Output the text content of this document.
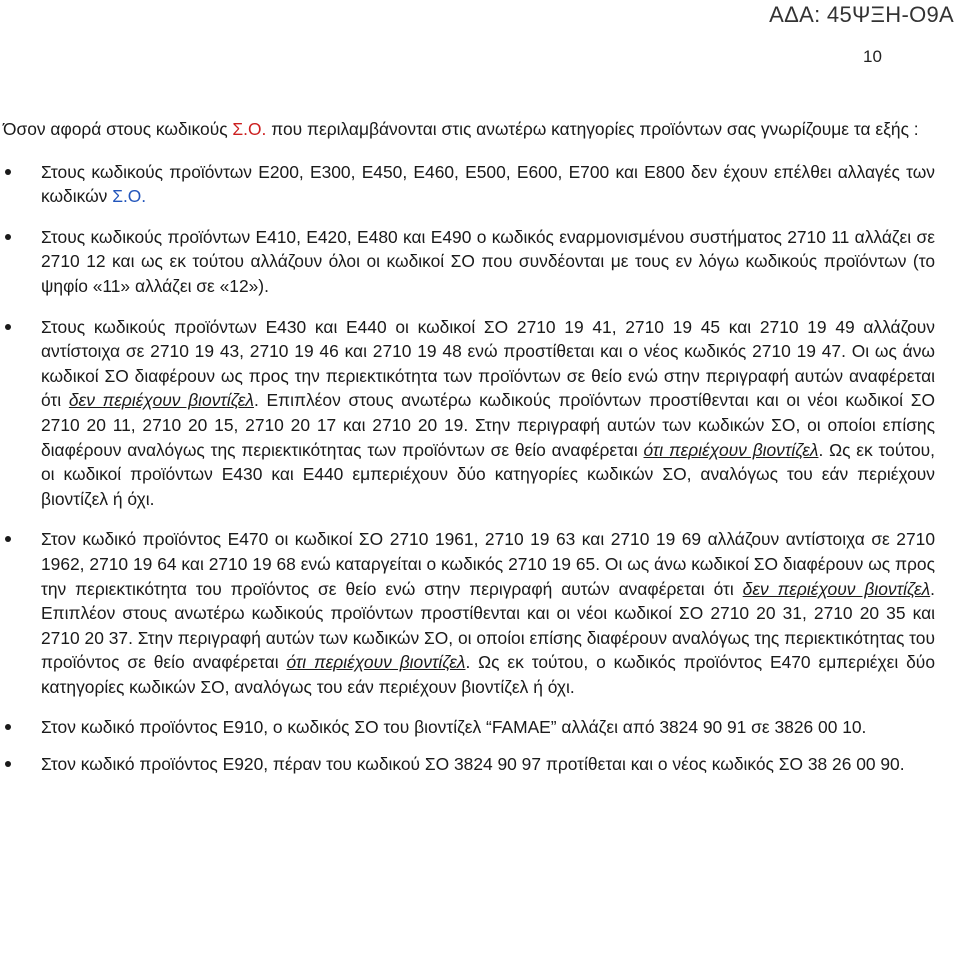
ΑΔΑ: 45ΨΞΗ-Ο9Α
10

Όσον αφορά στους κωδικούς Σ.Ο. που περιλαμβάνονται στις ανωτέρω κατηγορίες προϊόντων σας γνωρίζουμε τα εξής :

Στους κωδικούς προϊόντων Ε200, Ε300, Ε450, Ε460, Ε500, Ε600, Ε700 και Ε800 δεν έχουν επέλθει αλλαγές των κωδικών Σ.Ο.
Στους κωδικούς προϊόντων Ε410, Ε420, Ε480 και Ε490 ο κωδικός εναρμονισμένου συστήματος 2710 11 αλλάζει σε 2710 12 και ως εκ τούτου αλλάζουν όλοι οι κωδικοί ΣΟ που συνδέονται με τους εν λόγω κωδικούς προϊόντων (το ψηφίο «11» αλλάζει σε «12»).
Στους κωδικούς προϊόντων Ε430 και Ε440 οι κωδικοί ΣΟ 2710 19 41, 2710 19 45 και 2710 19 49 αλλάζουν αντίστοιχα σε 2710 19 43, 2710 19 46 και 2710 19 48 ενώ προστίθεται και ο νέος κωδικός 2710 19 47. Οι ως άνω κωδικοί ΣΟ διαφέρουν ως προς την περιεκτικότητα των προϊόντων σε θείο ενώ στην περιγραφή αυτών αναφέρεται ότι δεν περιέχουν βιοντίζελ. Επιπλέον στους ανωτέρω κωδικούς προϊόντων προστίθενται και οι νέοι κωδικοί ΣΟ 2710 20 11, 2710 20 15, 2710 20 17 και 2710 20 19. Στην περιγραφή αυτών των κωδικών ΣΟ, οι οποίοι επίσης διαφέρουν αναλόγως της περιεκτικότητας των προϊόντων σε θείο αναφέρεται ότι περιέχουν βιοντίζελ. Ως εκ τούτου, οι κωδικοί προϊόντων Ε430 και Ε440 εμπεριέχουν δύο κατηγορίες κωδικών ΣΟ, αναλόγως του εάν περιέχουν βιοντίζελ ή όχι.
Στον κωδικό προϊόντος Ε470 οι κωδικοί ΣΟ 2710 1961, 2710 19 63 και 2710 19 69 αλλάζουν αντίστοιχα σε 2710 1962, 2710 19 64 και 2710 19 68 ενώ καταργείται ο κωδικός 2710 19 65. Οι ως άνω κωδικοί ΣΟ διαφέρουν ως προς την περιεκτικότητα του προϊόντος σε θείο ενώ στην περιγραφή αυτών αναφέρεται ότι δεν περιέχουν βιοντίζελ. Επιπλέον στους ανωτέρω κωδικούς προϊόντων προστίθενται και οι νέοι κωδικοί ΣΟ 2710 20 31, 2710 20 35 και 2710 20 37. Στην περιγραφή αυτών των κωδικών ΣΟ, οι οποίοι επίσης διαφέρουν αναλόγως της περιεκτικότητας του προϊόντος σε θείο αναφέρεται ότι περιέχουν βιοντίζελ. Ως εκ τούτου, ο κωδικός προϊόντος Ε470 εμπεριέχει δύο κατηγορίες κωδικών ΣΟ, αναλόγως του εάν περιέχουν βιοντίζελ ή όχι.
Στον κωδικό προϊόντος Ε910, ο κωδικός ΣΟ του βιοντίζελ “FAMAE” αλλάζει από 3824 90 91 σε 3826 00 10.
Στον κωδικό προϊόντος Ε920, πέραν του κωδικού ΣΟ 3824 90 97 προτίθεται και ο νέος κωδικός ΣΟ 38 26 00 90.
